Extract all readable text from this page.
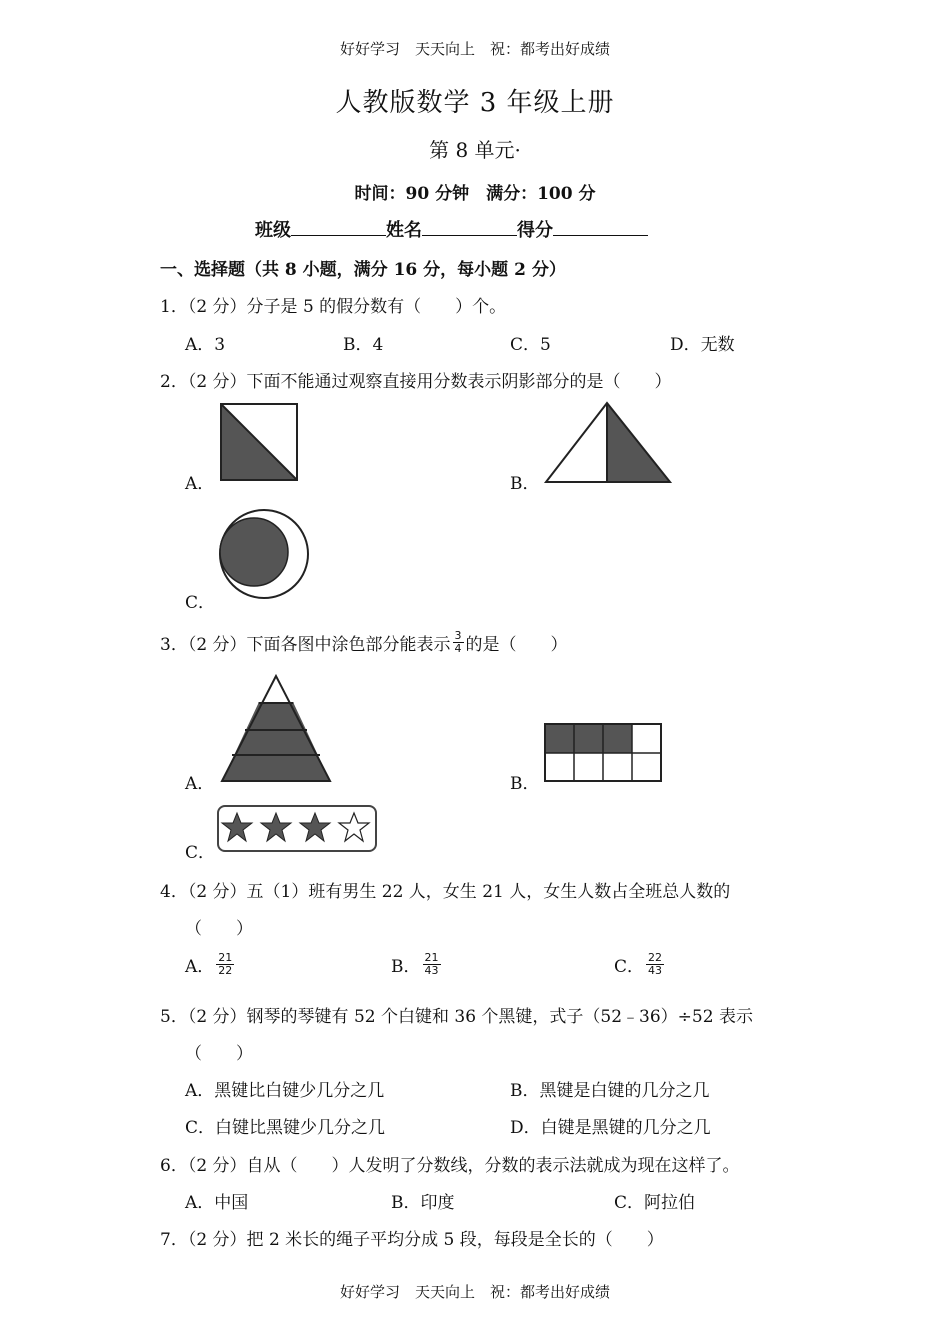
好好学习　天天向上　祝：都考出好成绩
人教版数学 3 年级上册
第 8 单元·
时间：90 分钟　满分：100 分
班级	姓名	得分
一、选择题（共 8 小题，满分 16 分，每小题 2 分）
1．（2 分）分子是 5 的假分数有（　　）个。
A．3	B．4	C．5	D．无数
2．（2 分）下面不能通过观察直接用分数表示阴影部分的是（　　）
A．	B．
C．
3．（2 分）下面各图中涂色部分能表示 $\frac{3}{4}$ 的是（　　）
A．	B．
C．
4．（2 分）五（1）班有男生 22 人，女生 21 人，女生人数占全班总人数的
（　　）
A． $\frac{21}{22}$	B． $\frac{21}{43}$	C． $\frac{22}{43}$
5．（2 分）钢琴的琴键有 52 个白键和 36 个黑键，式子（52﹣36）÷52 表示
（　　）
A．黑键比白键少几分之几	B．黑键是白键的几分之几
C．白键比黑键少几分之几	D．白键是黑键的几分之几
6．（2 分）自从（　　）人发明了分数线，分数的表示法就成为现在这样了。
A．中国	B．印度	C．阿拉伯
7．（2 分）把 2 米长的绳子平均分成 5 段，每段是全长的（　　）
好好学习　天天向上　祝：都考出好成绩
